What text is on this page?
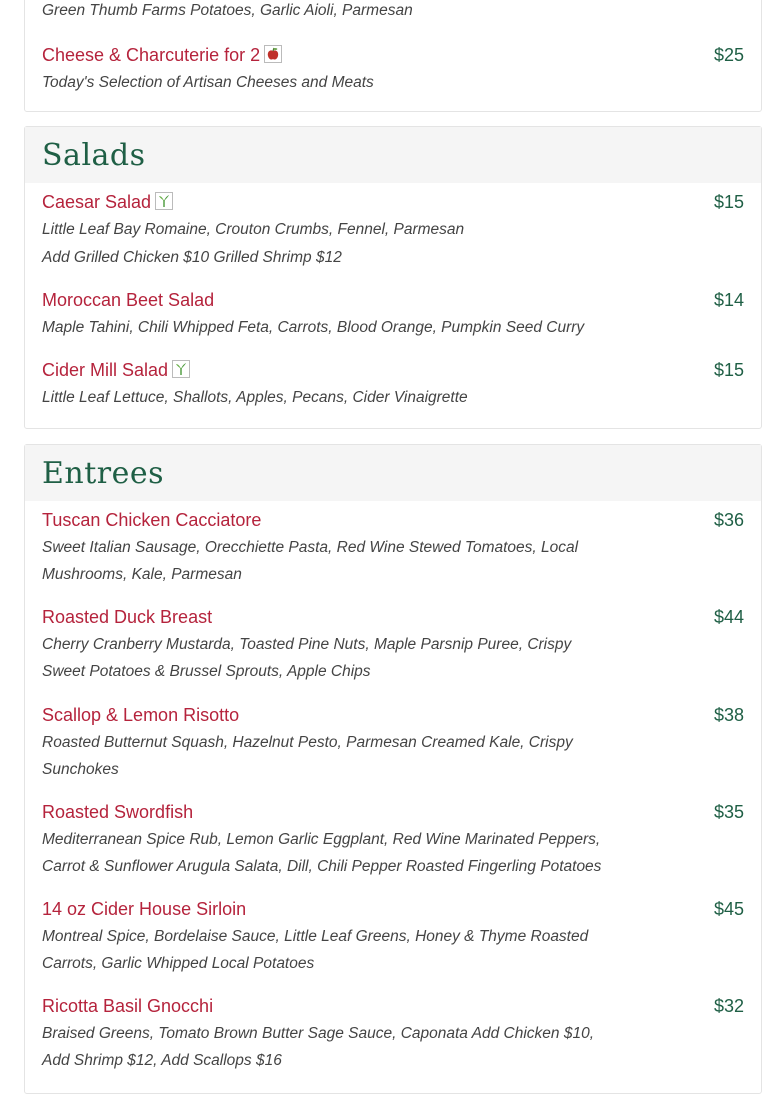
Green Thumb Farms Potatoes, Garlic Aioli, Parmesan
Cheese & Charcuterie for 2	$25
Today's Selection of Artisan Cheeses and Meats
Salads
Caesar Salad	$15
Little Leaf Bay Romaine, Crouton Crumbs, Fennel, Parmesan
Add Grilled Chicken $10 Grilled Shrimp $12
Moroccan Beet Salad	$14
Maple Tahini, Chili Whipped Feta, Carrots, Blood Orange, Pumpkin Seed Curry
Cider Mill Salad	$15
Little Leaf Lettuce, Shallots, Apples, Pecans, Cider Vinaigrette
Entrees
Tuscan Chicken Cacciatore	$36
Sweet Italian Sausage, Orecchiette Pasta, Red Wine Stewed Tomatoes, Local Mushrooms, Kale, Parmesan
Roasted Duck Breast	$44
Cherry Cranberry Mustarda, Toasted Pine Nuts, Maple Parsnip Puree, Crispy Sweet Potatoes & Brussel Sprouts, Apple Chips
Scallop & Lemon Risotto	$38
Roasted Butternut Squash, Hazelnut Pesto, Parmesan Creamed Kale, Crispy Sunchokes
Roasted Swordfish	$35
Mediterranean Spice Rub, Lemon Garlic Eggplant, Red Wine Marinated Peppers, Carrot & Sunflower Arugula Salata, Dill, Chili Pepper Roasted Fingerling Potatoes
14 oz Cider House Sirloin	$45
Montreal Spice, Bordelaise Sauce, Little Leaf Greens, Honey & Thyme Roasted Carrots, Garlic Whipped Local Potatoes
Ricotta Basil Gnocchi	$32
Braised Greens, Tomato Brown Butter Sage Sauce, Caponata Add Chicken $10, Add Shrimp $12, Add Scallops $16
